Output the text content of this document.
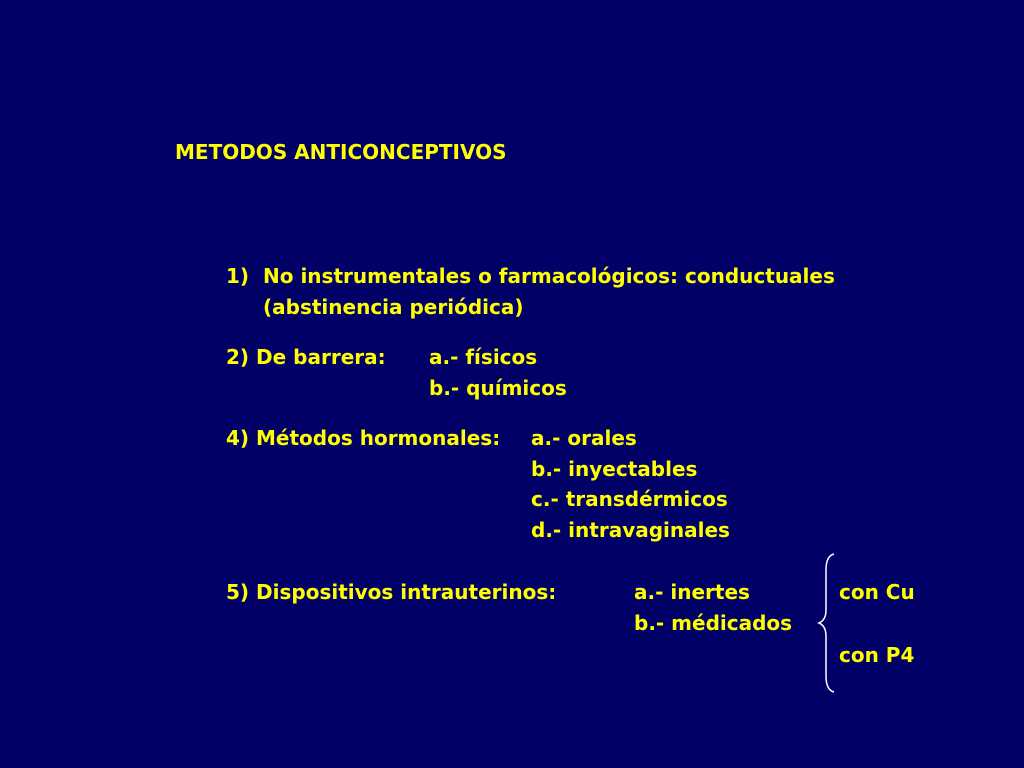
METODOS ANTICONCEPTIVOS
1) No instrumentales o farmacológicos: conductuales
(abstinencia periódica)
2) De barrera: a.- físicos
b.- químicos
4) Métodos hormonales: a.- orales
b.- inyectables
c.- transdérmicos
d.- intravaginales
5) Dispositivos intrauterinos:	a.- inertes
b.- médicados
con Cu
con P4
